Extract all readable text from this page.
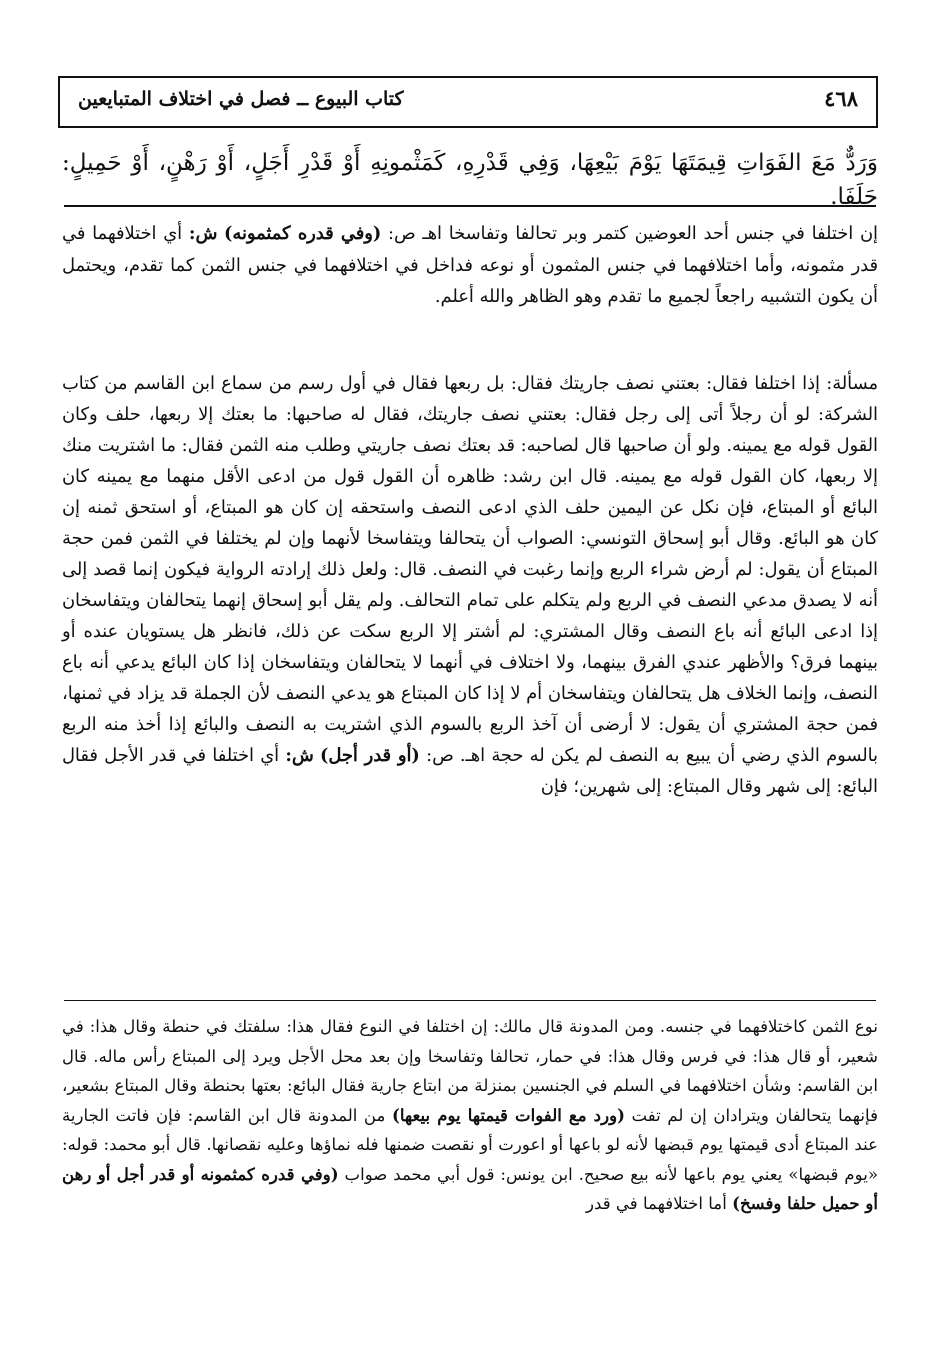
٤٦٨
كتاب البيوع ــ فصل في اختلاف المتبايعين
وَرَدٌّ مَعَ الفَوَاتِ قِيمَتَهَا يَوْمَ بَيْعِهَا، وَفِي قَدْرِهِ، كَمَثْمونِهِ أَوْ قَدْرِ أَجَلٍ، أَوْ رَهْنٍ، أَوْ حَمِيلٍ: حَلَفَا.

إن اختلفا في جنس أحد العوضين كتمر وبر تحالفا وتفاسخا اهـ ص: (وفي قدره كمثمونه) ش: أي اختلافهما في قدر مثمونه، وأما اختلافهما في جنس المثمون أو نوعه فداخل في اختلافهما في جنس الثمن كما تقدم، ويحتمل أن يكون التشبيه راجعاً لجميع ما تقدم وهو الظاهر والله أعلم.

مسألة: إذا اختلفا فقال: بعتني نصف جاريتك فقال: بل ربعها فقال في أول رسم من سماع ابن القاسم من كتاب الشركة: لو أن رجلاً أتى إلى رجل فقال: بعتني نصف جاريتك، فقال له صاحبها: ما بعتك إلا ربعها، حلف وكان القول قوله مع يمينه. ولو أن صاحبها قال لصاحبه: قد بعتك نصف جاريتي وطلب منه الثمن فقال: ما اشتريت منك إلا ربعها، كان القول قوله مع يمينه. قال ابن رشد: ظاهره أن القول قول من ادعى الأقل منهما مع يمينه كان البائع أو المبتاع، فإن نكل عن اليمين حلف الذي ادعى النصف واستحقه إن كان هو المبتاع، أو استحق ثمنه إن كان هو البائع. وقال أبو إسحاق التونسي: الصواب أن يتحالفا ويتفاسخا لأنهما وإن لم يختلفا في الثمن فمن حجة المبتاع أن يقول: لم أرض شراء الربع وإنما رغبت في النصف. قال: ولعل ذلك إرادته الرواية فيكون إنما قصد إلى أنه لا يصدق مدعي النصف في الربع ولم يتكلم على تمام التحالف. ولم يقل أبو إسحاق إنهما يتحالفان ويتفاسخان إذا ادعى البائع أنه باع النصف وقال المشتري: لم أشتر إلا الربع سكت عن ذلك، فانظر هل يستويان عنده أو بينهما فرق؟ والأظهر عندي الفرق بينهما، ولا اختلاف في أنهما لا يتحالفان ويتفاسخان إذا كان البائع يدعي أنه باع النصف، وإنما الخلاف هل يتحالفان ويتفاسخان أم لا إذا كان المبتاع هو يدعي النصف لأن الجملة قد يزاد في ثمنها، فمن حجة المشتري أن يقول: لا أرضى أن آخذ الربع بالسوم الذي اشتريت به النصف والبائع إذا أخذ منه الربع بالسوم الذي رضي أن يبيع به النصف لم يكن له حجة اهـ. ص: (أو قدر أجل) ش: أي اختلفا في قدر الأجل فقال البائع: إلى شهر وقال المبتاع: إلى شهرين؛ فإن

نوع الثمن كاختلافهما في جنسه. ومن المدونة قال مالك: إن اختلفا في النوع فقال هذا: سلفتك في حنطة وقال هذا: في شعير، أو قال هذا: في فرس وقال هذا: في حمار، تحالفا وتفاسخا وإن بعد محل الأجل ويرد إلى المبتاع رأس ماله. قال ابن القاسم: وشأن اختلافهما في السلم في الجنسين بمنزلة من ابتاع جارية فقال البائع: بعتها بحنطة وقال المبتاع بشعير، فإنهما يتحالفان ويترادان إن لم تفت (ورد مع الفوات قيمتها يوم بيعها) من المدونة قال ابن القاسم: فإن فاتت الجارية عند المبتاع أدى قيمتها يوم قبضها لأنه لو باعها أو اعورت أو نقصت ضمنها فله نماؤها وعليه نقصانها. قال أبو محمد: قوله: «يوم قبضها» يعني يوم باعها لأنه بيع صحيح. ابن يونس: قول أبي محمد صواب (وفي قدره كمثمونه أو قدر أجل أو رهن أو حميل حلفا وفسخ) أما اختلافهما في قدر
